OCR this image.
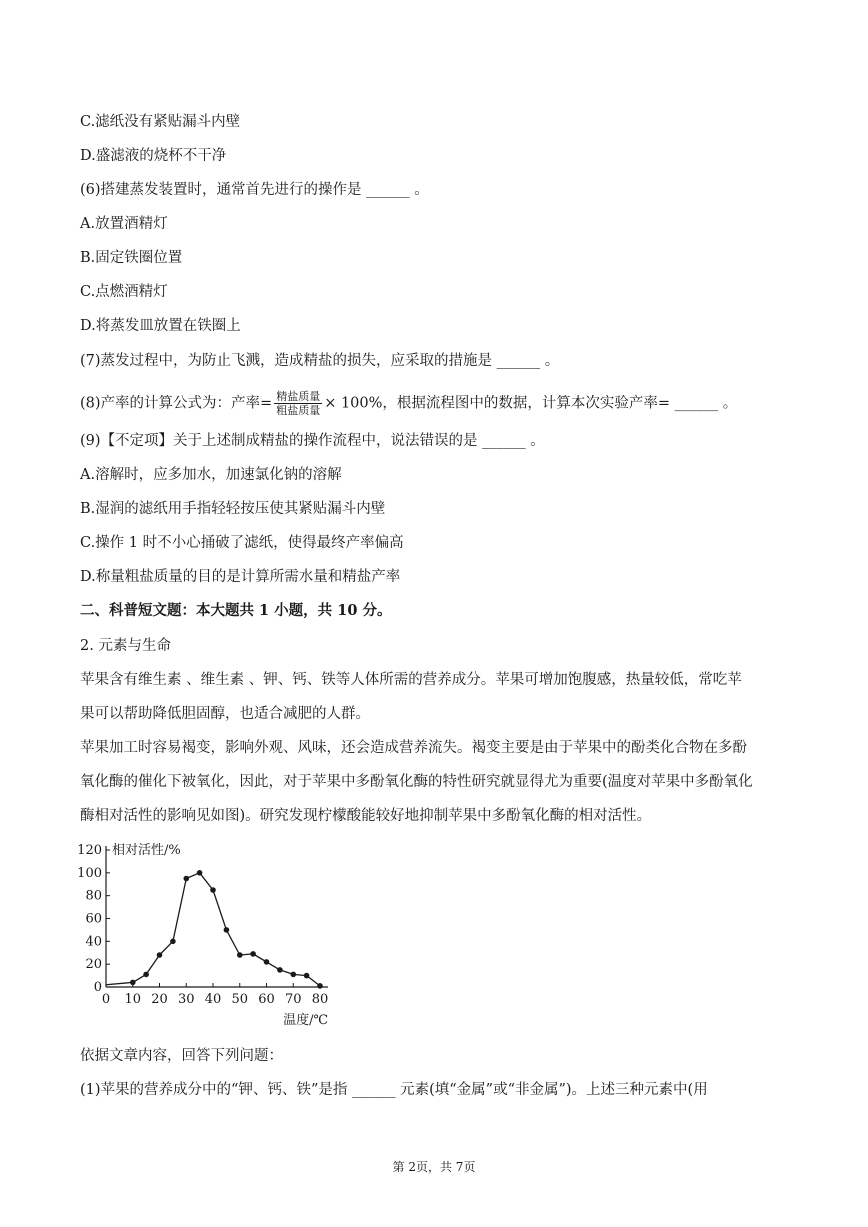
C.滤纸没有紧贴漏斗内壁
D.盛滤液的烧杯不干净
(6)搭建蒸发装置时，通常首先进行的操作是 ______ 。
A.放置酒精灯
B.固定铁圈位置
C.点燃酒精灯
D.将蒸发皿放置在铁圈上
(7)蒸发过程中，为防止飞溅，造成精盐的损失，应采取的措施是 ______ 。
(8)产率的计算公式为：产率= $\frac{\text{精盐质量}}{\text{粗盐质量}} \times 100\%$，根据流程图中的数据，计算本次实验产率= ______ 。
(9)【不定项】关于上述制成精盐的操作流程中，说法错误的是 ______ 。
A.溶解时，应多加水，加速氯化钠的溶解
B.湿润的滤纸用手指轻轻按压使其紧贴漏斗内壁
C.操作 1 时不小心捅破了滤纸，使得最终产率偏高
D.称量粗盐质量的目的是计算所需水量和精盐产率
二、科普短文题：本大题共 1 小题，共 10 分。
2. 元素与生命
苹果含有维生素 、维生素 、钾、钙、铁等人体所需的营养成分。苹果可增加饱腹感，热量较低，常吃苹
果可以帮助降低胆固醇，也适合减肥的人群。
苹果加工时容易褐变，影响外观、风味，还会造成营养流失。褐变主要是由于苹果中的酚类化合物在多酚
氧化酶的催化下被氧化，因此，对于苹果中多酚氧化酶的特性研究就显得尤为重要(温度对苹果中多酚氧化
酶相对活性的影响见如图)。研究发现柠檬酸能较好地抑制苹果中多酚氧化酶的相对活性。
0
20
40
60
80
100
120
0 10 20 30 40 50 60 70 80
相对活性/%
温度/℃
依据文章内容，回答下列问题：
(1)苹果的营养成分中的“钾、钙、铁”是指 ______ 元素(填“金属”或“非金属”)。上述三种元素中(用
第 2页，共 7页
